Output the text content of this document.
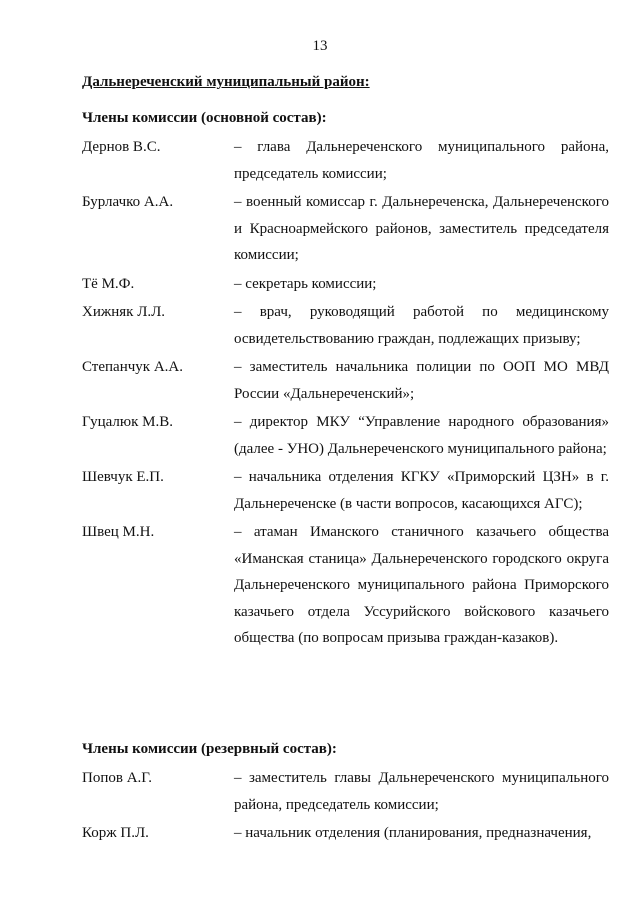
13
Дальнереченский муниципальный район:
Члены комиссии (основной состав):
Дернов В.С.	– глава Дальнереченского муниципального района, председатель комиссии;
Бурлачко А.А.	– военный комиссар г. Дальнереченска, Дальнереченского и Красноармейского районов, заместитель председателя комиссии;
Тё М.Ф.	– секретарь комиссии;
Хижняк Л.Л.	– врач, руководящий работой по медицинскому освидетельствованию граждан, подлежащих призыву;
Степанчук А.А.	– заместитель начальника полиции по ООП МО МВД России «Дальнереченский»;
Гуцалюк М.В.	– директор МКУ “Управление народного образования» (далее - УНО) Дальнереченского муниципального района;
Шевчук Е.П.	– начальника отделения КГКУ «Приморский ЦЗН» в г. Дальнереченске (в части вопросов, касающихся АГС);
Швец М.Н.	– атаман Иманского станичного казачьего общества «Иманская станица» Дальнереченского городского округа Дальнереченского муниципального района Приморского казачьего отдела Уссурийского войскового казачьего общества (по вопросам призыва граждан-казаков).
Члены комиссии (резервный состав):
Попов А.Г.	– заместитель главы Дальнереченского муниципального района, председатель комиссии;
Корж П.Л.	– начальник отделения (планирования, предназначения,
